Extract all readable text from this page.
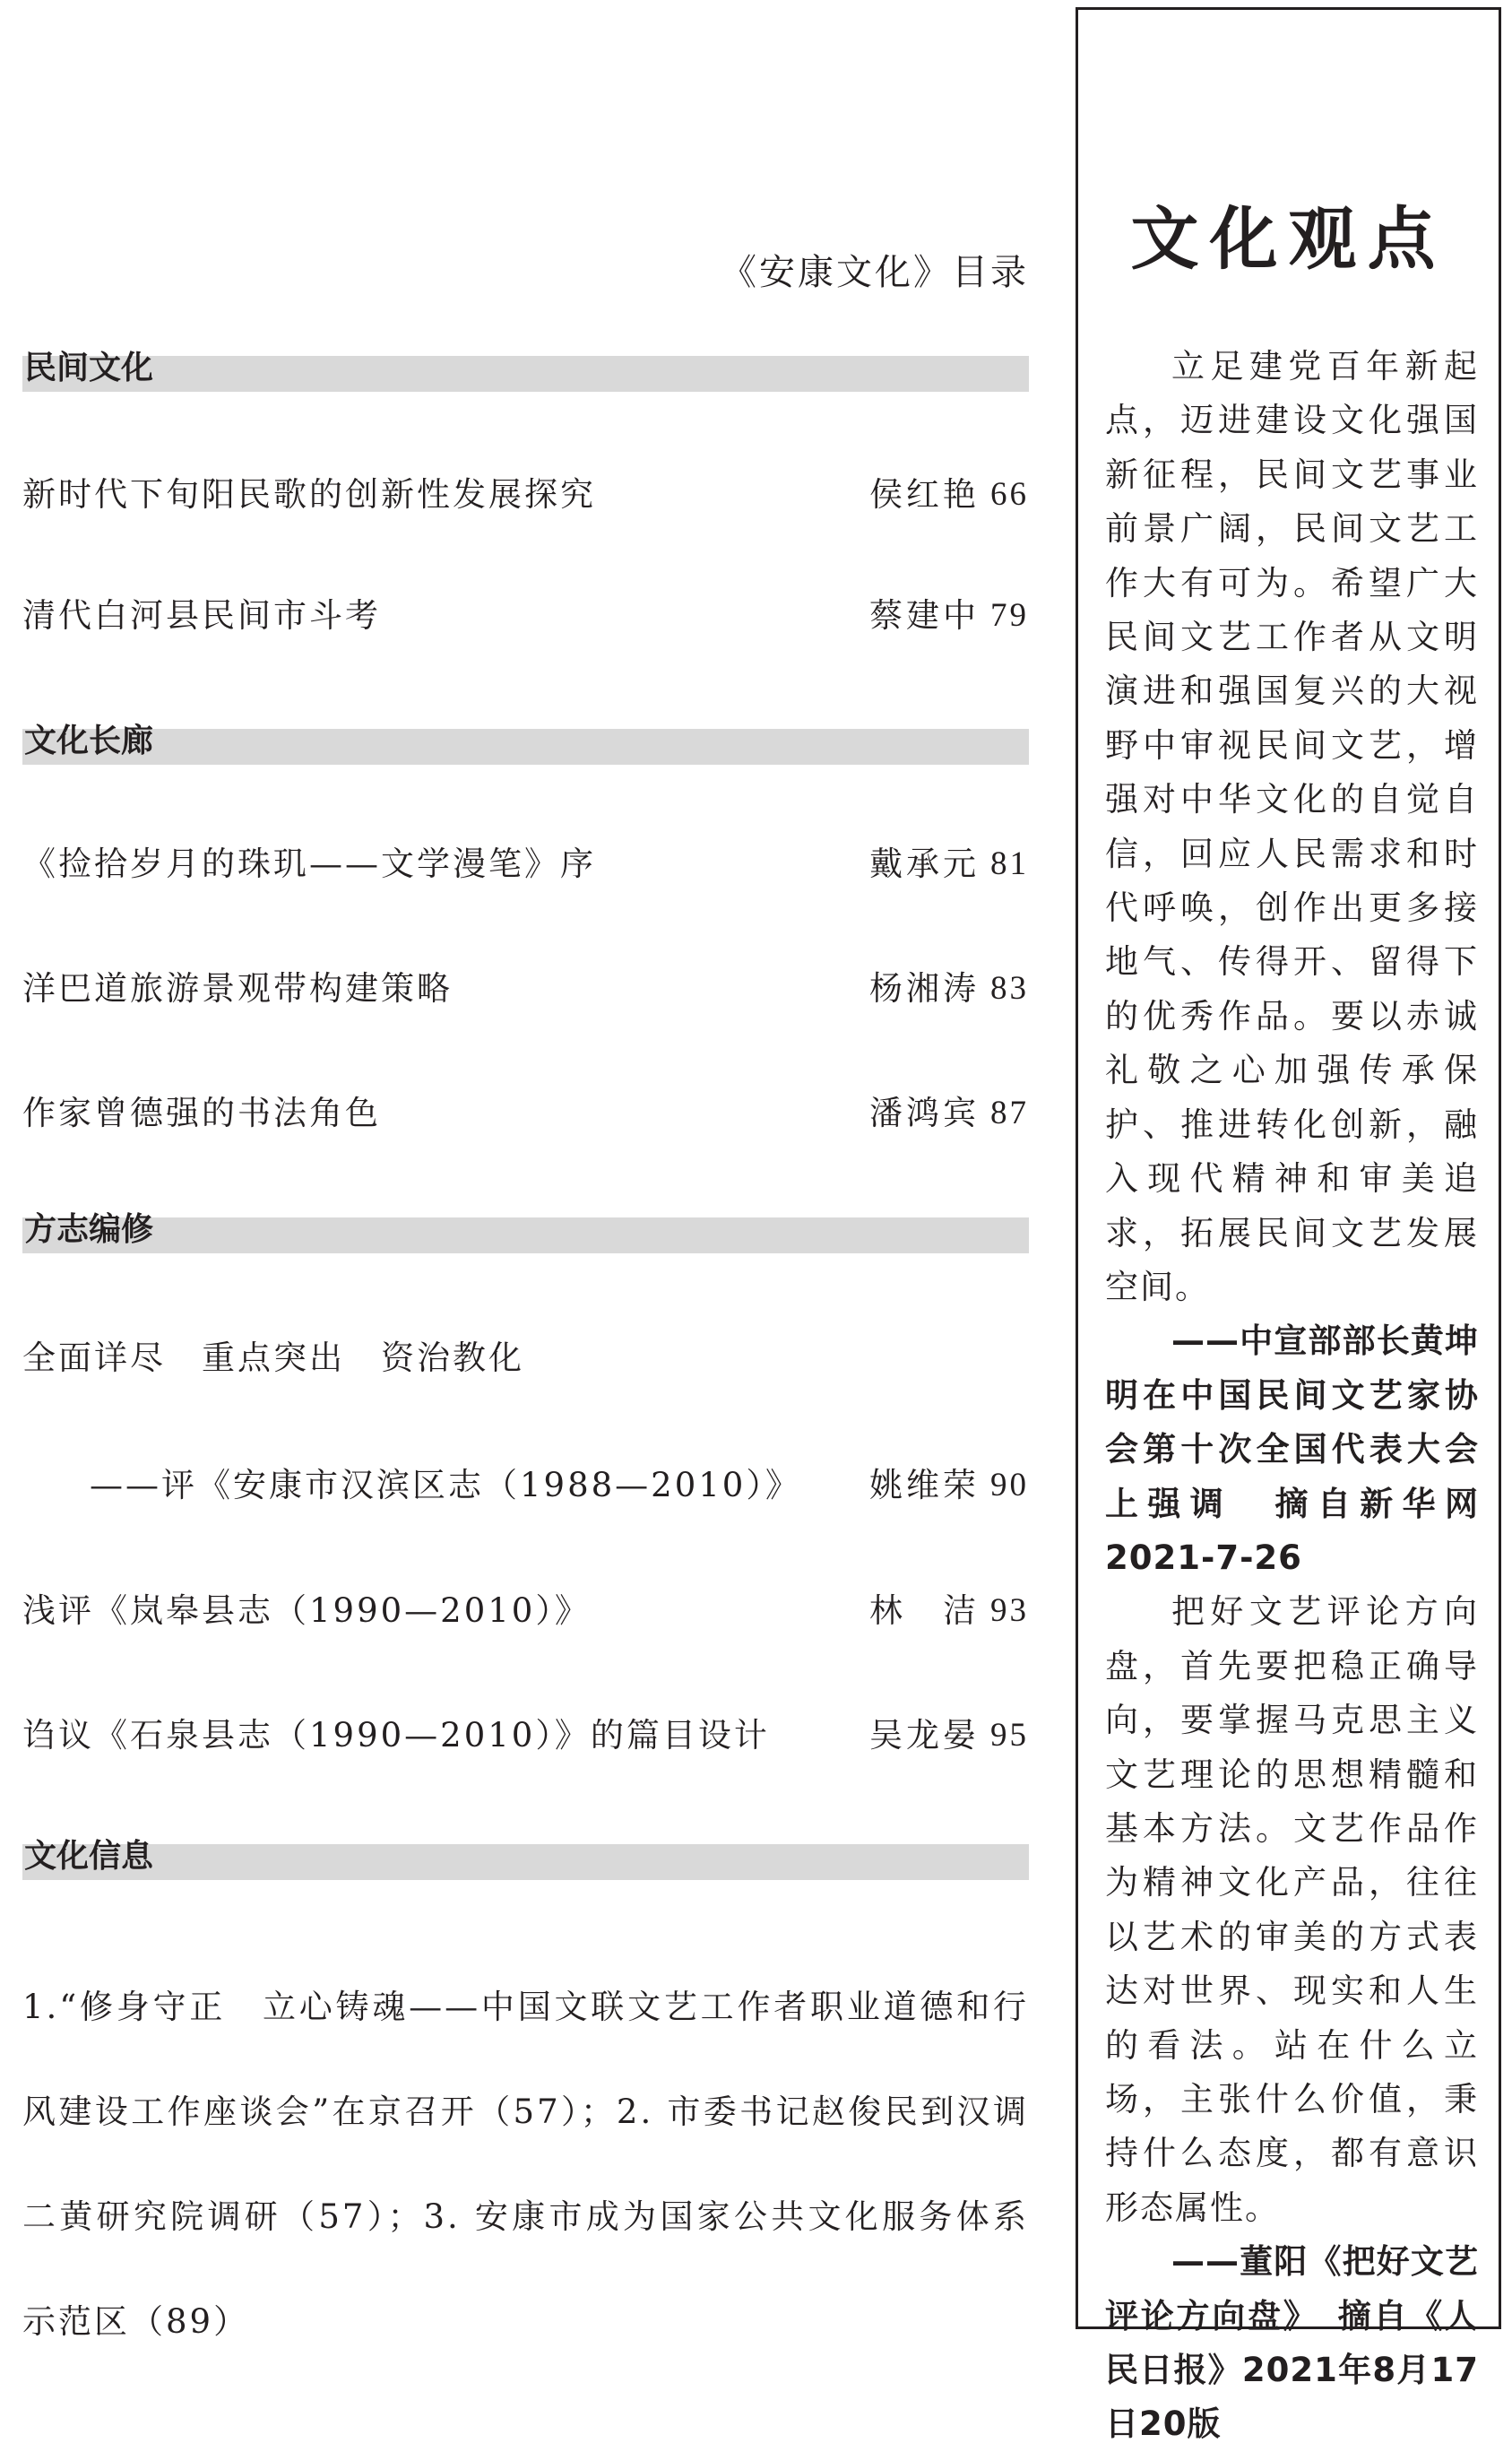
《安康文化》目录
民间文化
新时代下旬阳民歌的创新性发展探究	侯红艳 66
清代白河县民间市斗考	蔡建中 79
文化长廊
《捡拾岁月的珠玑——文学漫笔》序	戴承元 81
洋巴道旅游景观带构建策略	杨湘涛 83
作家曾德强的书法角色	潘鸿宾 87
方志编修
全面详尽　重点突出　资治教化
——评《安康市汉滨区志（1988—2010）》 姚维荣 90
浅评《岚皋县志（1990—2010）》	林　洁 93
诌议《石泉县志（1990—2010）》的篇目设计	吴龙晏 95
文化信息
1.“修身守正　立心铸魂——中国文联文艺工作者职业道德和行风建设工作座谈会”在京召开（57）；2. 市委书记赵俊民到汉调二黄研究院调研（57）；3. 安康市成为国家公共文化服务体系示范区（89）
文化观点

立足建党百年新起点，迈进建设文化强国新征程，民间文艺事业前景广阔，民间文艺工作大有可为。希望广大民间文艺工作者从文明演进和强国复兴的大视野中审视民间文艺，增强对中华文化的自觉自信，回应人民需求和时代呼唤，创作出更多接地气、传得开、留得下的优秀作品。要以赤诚礼敬之心加强传承保护、推进转化创新，融入现代精神和审美追求，拓展民间文艺发展空间。

——中宣部部长黄坤明在中国民间文艺家协会第十次全国代表大会上强调　摘自新华网2021-7-26

把好文艺评论方向盘，首先要把稳正确导向，要掌握马克思主义文艺理论的思想精髓和基本方法。文艺作品作为精神文化产品，往往以艺术的审美的方式表达对世界、现实和人生的看法。站在什么立场，主张什么价值，秉持什么态度，都有意识形态属性。

——董阳《把好文艺评论方向盘》　摘自《人民日报》2021年8月17日20版
